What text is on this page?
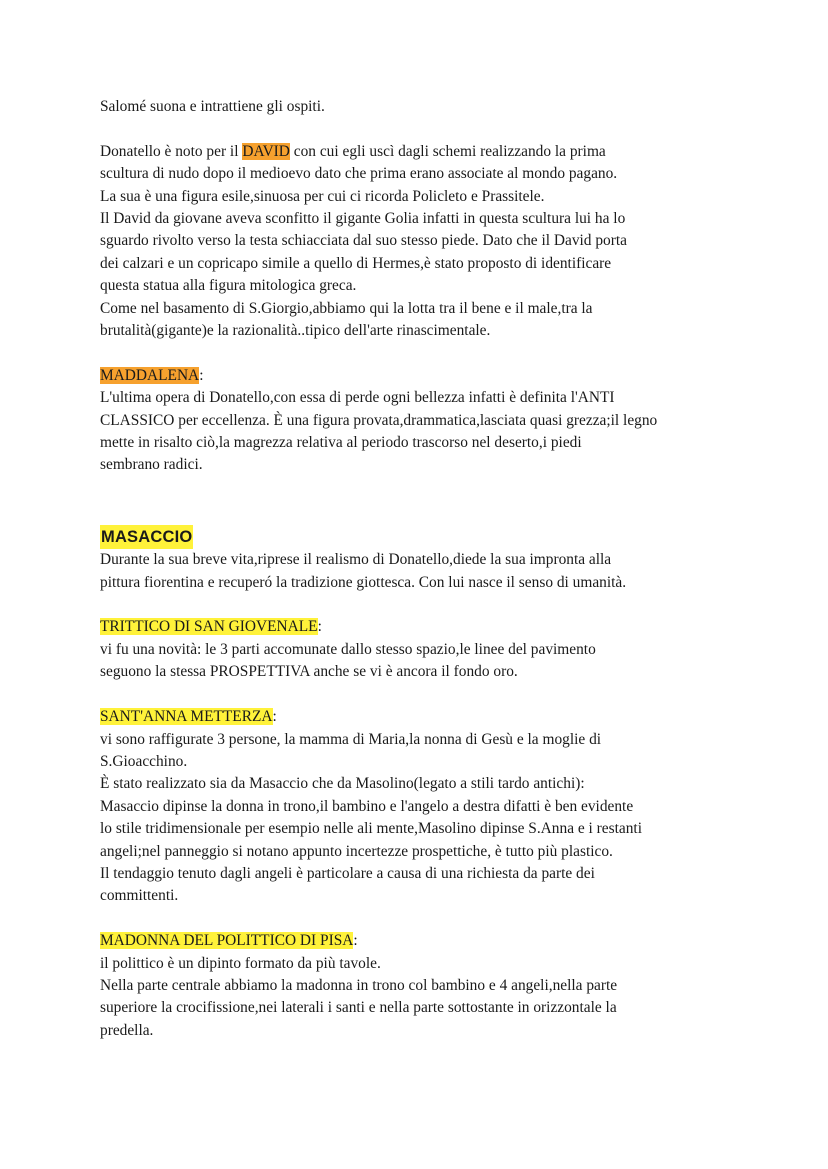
Salomé suona e intrattiene gli ospiti.
Donatello è noto per il DAVID con cui egli uscì dagli schemi realizzando la prima
scultura di nudo dopo il medioevo dato che prima erano associate al mondo pagano.
La sua è una figura esile,sinuosa per cui ci ricorda Policleto e Prassitele.
Il David da giovane aveva sconfitto il gigante Golia infatti in questa scultura lui ha lo
sguardo rivolto verso la testa schiacciata dal suo stesso piede. Dato che il David porta
dei calzari e un copricapo simile a quello di Hermes,è stato proposto di identificare
questa statua alla figura mitologica greca.
Come nel basamento di S.Giorgio,abbiamo qui la lotta tra il bene e il male,tra la
brutalità(gigante)e la razionalità..tipico dell'arte rinascimentale.
MADDALENA:
L'ultima opera di Donatello,con essa di perde ogni bellezza infatti è definita l'ANTI
CLASSICO per eccellenza. È una figura provata,drammatica,lasciata quasi grezza;il legno
mette in risalto ciò,la magrezza relativa al periodo trascorso nel deserto,i piedi
sembrano radici.
MASACCIO
Durante la sua breve vita,riprese il realismo di Donatello,diede la sua impronta alla
pittura fiorentina e recuperó la tradizione giottesca. Con lui nasce il senso di umanità.
TRITTICO DI SAN GIOVENALE:
vi fu una novità: le 3 parti accomunate dallo stesso spazio,le linee del pavimento
seguono la stessa PROSPETTIVA anche se vi è ancora il fondo oro.
SANT'ANNA METTERZA:
vi sono raffigurate 3 persone, la mamma di Maria,la nonna di Gesù e la moglie di
S.Gioacchino.
È stato realizzato sia da Masaccio che da Masolino(legato a stili tardo antichi):
Masaccio dipinse la donna in trono,il bambino e l'angelo a destra difatti è ben evidente
lo stile tridimensionale per esempio nelle ali mente,Masolino dipinse S.Anna e i restanti
angeli;nel panneggio si notano appunto incertezze prospettiche, è tutto più plastico.
Il tendaggio tenuto dagli angeli è particolare a causa di una richiesta da parte dei
committenti.
MADONNA DEL POLITTICO DI PISA:
il polittico è un dipinto formato da più tavole.
Nella parte centrale abbiamo la madonna in trono col bambino e 4 angeli,nella parte
superiore la crocifissione,nei laterali i santi e nella parte sottostante in orizzontale la
predella.
